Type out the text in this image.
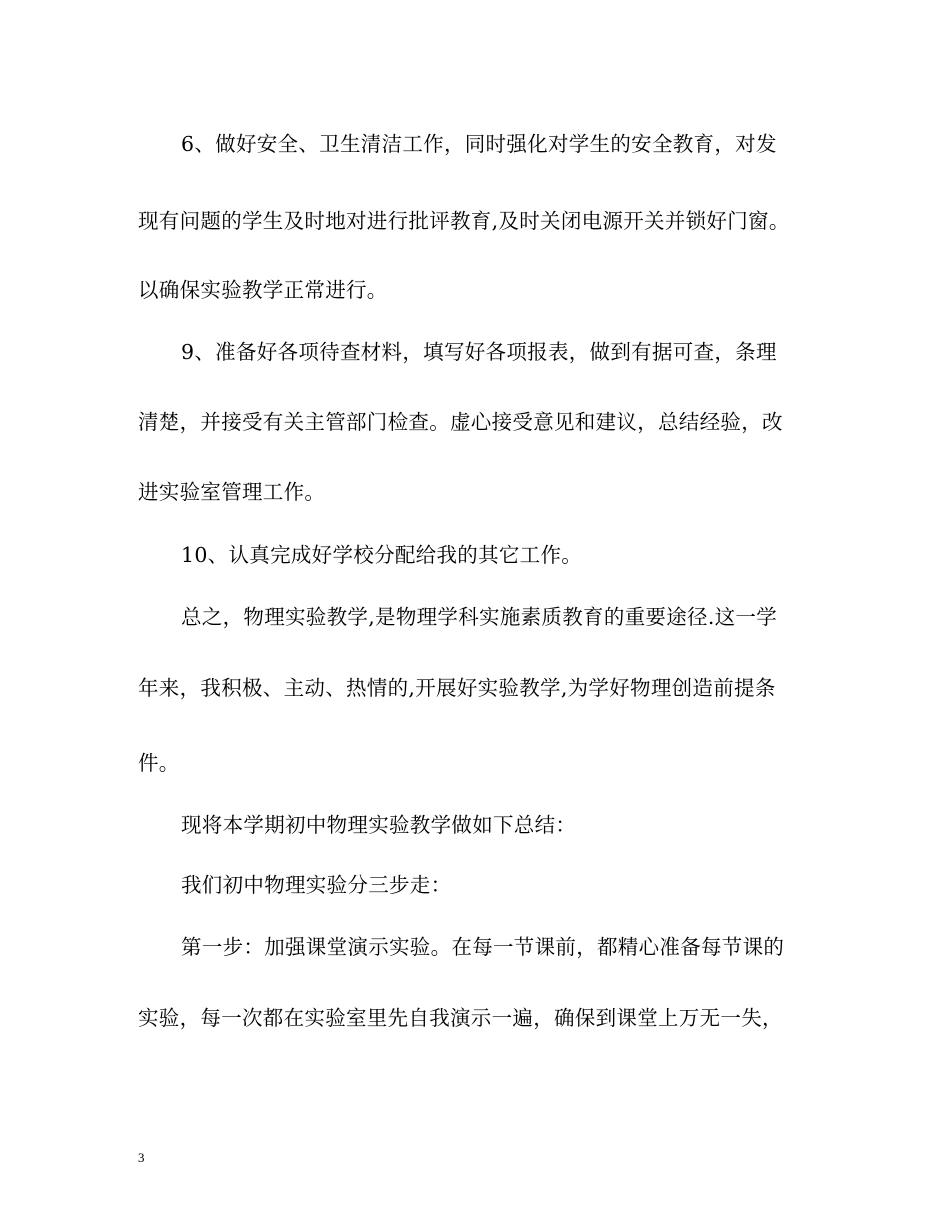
6、做好安全、卫生清洁工作，同时强化对学生的安全教育，对发
现有问题的学生及时地对进行批评教育,及时关闭电源开关并锁好门窗。
以确保实验教学正常进行。
9、准备好各项待查材料，填写好各项报表，做到有据可查，条理
清楚，并接受有关主管部门检查。虚心接受意见和建议，总结经验，改
进实验室管理工作。
10、认真完成好学校分配给我的其它工作。
总之，物理实验教学,是物理学科实施素质教育的重要途径.这一学
年来，我积极、主动、热情的,开展好实验教学,为学好物理创造前提条
件。
现将本学期初中物理实验教学做如下总结：
我们初中物理实验分三步走：
第一步：加强课堂演示实验。在每一节课前，都精心准备每节课的
实验，每一次都在实验室里先自我演示一遍，确保到课堂上万无一失，
3
